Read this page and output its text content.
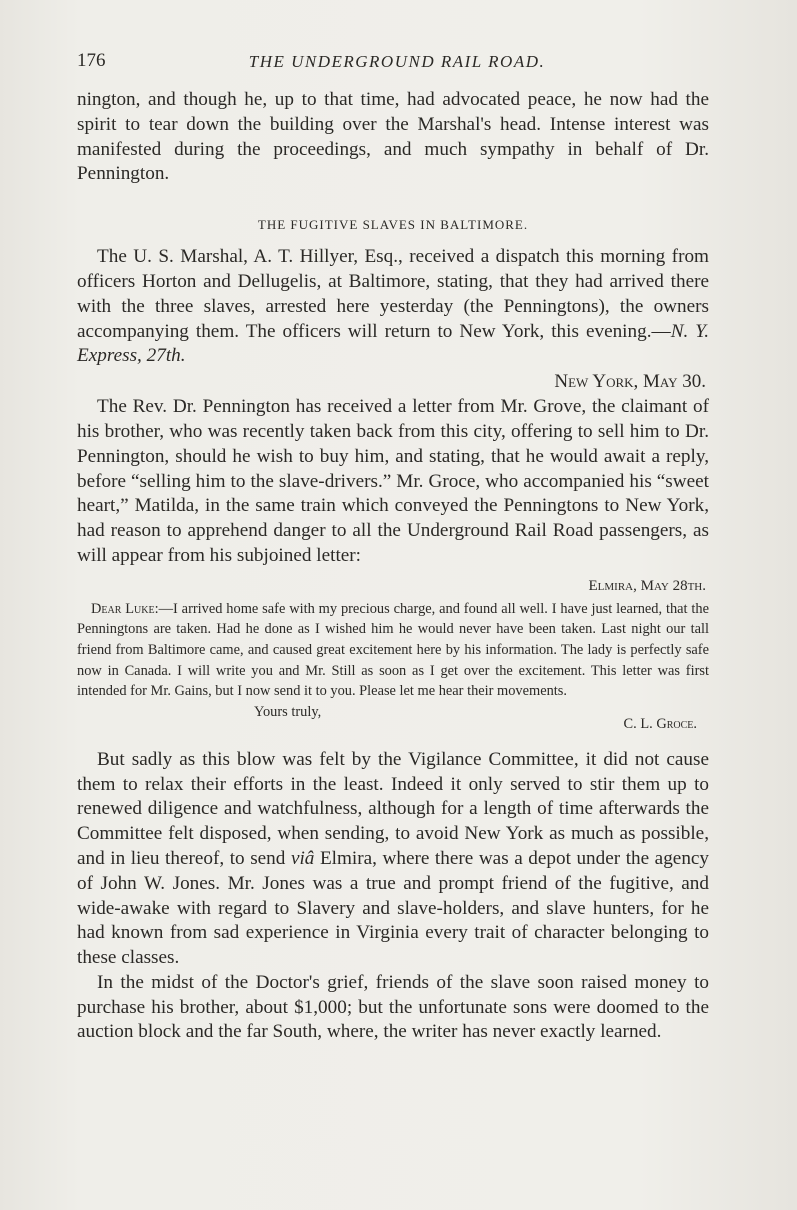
176	THE UNDERGROUND RAIL ROAD.

nington, and though he, up to that time, had advocated peace, he now had the spirit to tear down the building over the Marshal's head. Intense interest was manifested during the proceedings, and much sympathy in behalf of Dr. Pennington.

THE FUGITIVE SLAVES IN BALTIMORE.

The U. S. Marshal, A. T. Hillyer, Esq., received a dispatch this morning from officers Horton and Dellugelis, at Baltimore, stating, that they had arrived there with the three slaves, arrested here yesterday (the Penningtons), the owners accompanying them. The officers will return to New York, this evening.—N. Y. Express, 27th.

New York, May 30.

The Rev. Dr. Pennington has received a letter from Mr. Grove, the claimant of his brother, who was recently taken back from this city, offering to sell him to Dr. Pennington, should he wish to buy him, and stating, that he would await a reply, before “selling him to the slave-drivers.” Mr. Groce, who accompanied his “sweet heart,” Matilda, in the same train which conveyed the Penningtons to New York, had reason to apprehend danger to all the Underground Rail Road passengers, as will appear from his subjoined letter:

Elmira, May 28th.
Dear Luke:—I arrived home safe with my precious charge, and found all well. I have just learned, that the Penningtons are taken. Had he done as I wished him he would never have been taken. Last night our tall friend from Baltimore came, and caused great excitement here by his information. The lady is perfectly safe now in Canada. I will write you and Mr. Still as soon as I get over the excitement. This letter was first intended for Mr. Gains, but I now send it to you. Please let me hear their movements.
Yours truly,
C. L. Groce.

But sadly as this blow was felt by the Vigilance Committee, it did not cause them to relax their efforts in the least. Indeed it only served to stir them up to renewed diligence and watchfulness, although for a length of time afterwards the Committee felt disposed, when sending, to avoid New York as much as possible, and in lieu thereof, to send viâ Elmira, where there was a depot under the agency of John W. Jones. Mr. Jones was a true and prompt friend of the fugitive, and wide-awake with regard to Slavery and slave-holders, and slave hunters, for he had known from sad experience in Virginia every trait of character belonging to these classes.

In the midst of the Doctor's grief, friends of the slave soon raised money to purchase his brother, about $1,000; but the unfortunate sons were doomed to the auction block and the far South, where, the writer has never exactly learned.
